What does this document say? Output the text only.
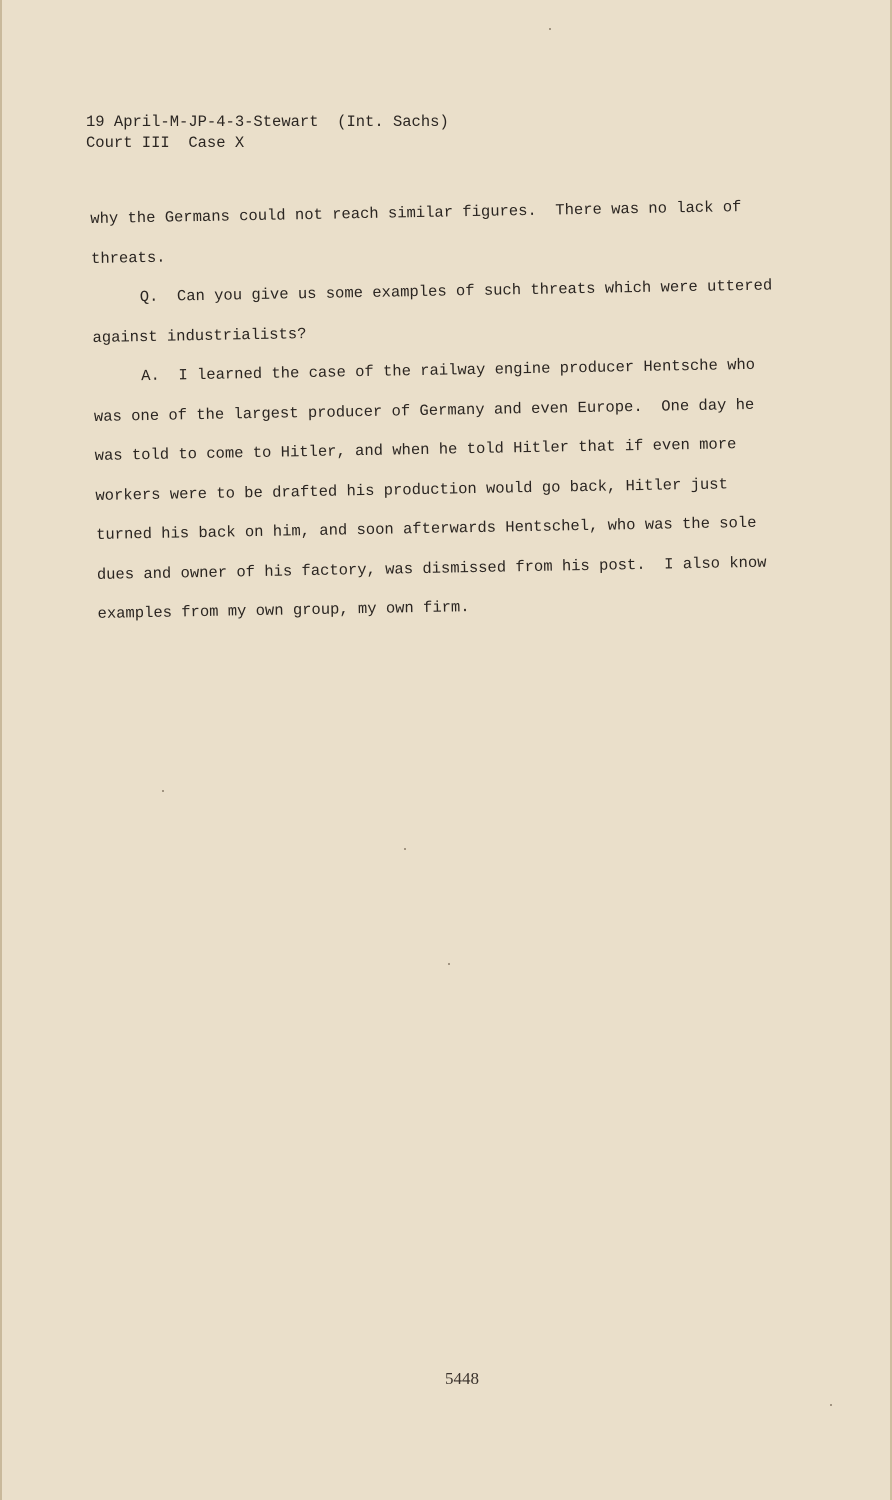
19 April-M-JP-4-3-Stewart  (Int. Sachs)
Court III  Case X
why the Germans could not reach similar figures.  There was no lack of
threats.
Q.  Can you give us some examples of such threats which were uttered
against industrialists?
A.  I learned the case of the railway engine producer Hentsche who
was one of the largest producer of Germany and even Europe.  One day he
was told to come to Hitler, and when he told Hitler that if even more
workers were to be drafted his production would go back, Hitler just
turned his back on him, and soon afterwards Hentschel, who was the sole
dues and owner of his factory, was dismissed from his post.  I also know
examples from my own group, my own firm.
5448
